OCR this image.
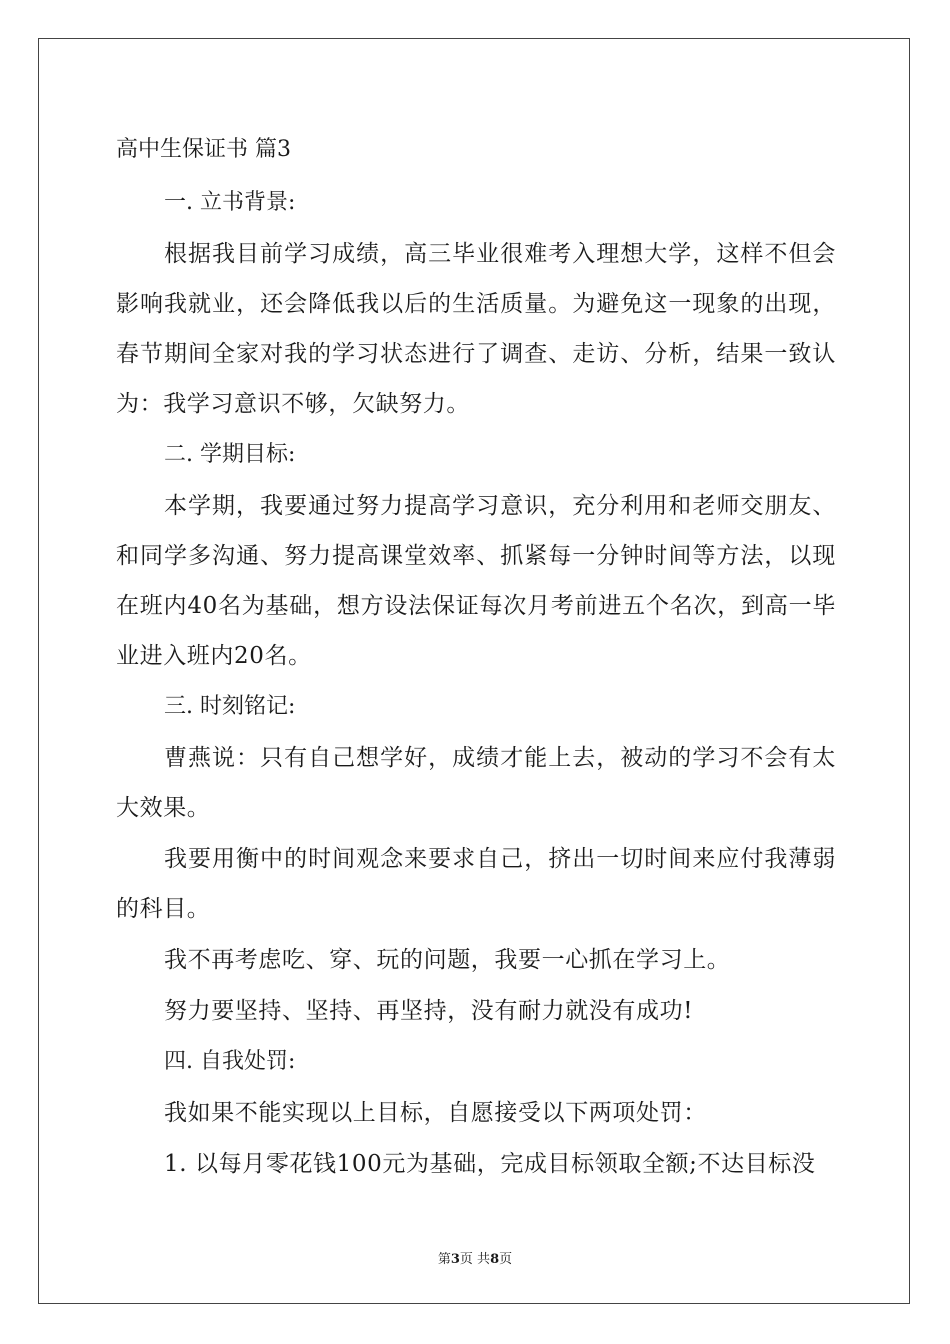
高中生保证书 篇3

一. 立书背景:

根据我目前学习成绩，高三毕业很难考入理想大学，这样不但会影响我就业，还会降低我以后的生活质量。为避免这一现象的出现，春节期间全家对我的学习状态进行了调查、走访、分析，结果一致认为：我学习意识不够，欠缺努力。

二. 学期目标:

本学期，我要通过努力提高学习意识，充分利用和老师交朋友、和同学多沟通、努力提高课堂效率、抓紧每一分钟时间等方法，以现在班内40名为基础，想方设法保证每次月考前进五个名次，到高一毕业进入班内20名。

三. 时刻铭记:

曹燕说：只有自己想学好，成绩才能上去，被动的学习不会有太大效果。

我要用衡中的时间观念来要求自己，挤出一切时间来应付我薄弱的科目。

我不再考虑吃、穿、玩的问题，我要一心抓在学习上。

努力要坚持、坚持、再坚持，没有耐力就没有成功!

四. 自我处罚:

我如果不能实现以上目标，自愿接受以下两项处罚：

1. 以每月零花钱100元为基础，完成目标领取全额;不达目标没

第3页 共8页
